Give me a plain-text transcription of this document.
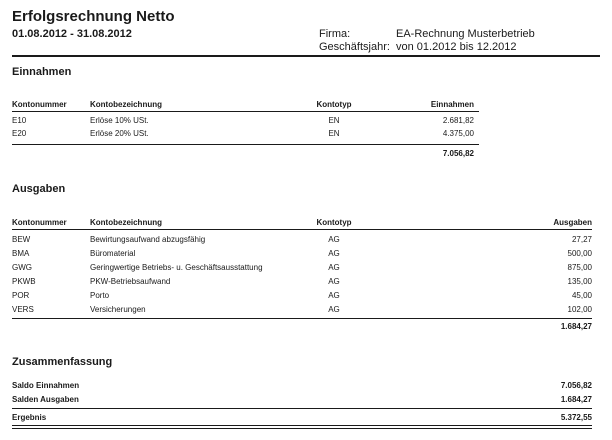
Erfolgsrechnung Netto
01.08.2012 - 31.08.2012	Firma:	EA-Rechnung Musterbetrieb
Geschäftsjahr: von 01.2012 bis 12.2012
Einnahmen
Kontonummer	Kontobezeichnung	Kontotyp	Einnahmen
E10	Erlöse 10% USt.	EN	2.681,82
E20	Erlöse 20% USt.	EN	4.375,00
7.056,82
Ausgaben
Kontonummer	Kontobezeichnung	Kontotyp	Ausgaben
BEW	Bewirtungsaufwand abzugsfähig	AG	27,27
BMA	Büromaterial	AG	500,00
GWG	Geringwertige Betriebs- u. Geschäftsausstattung	AG	875,00
PKWB	PKW-Betriebsaufwand	AG	135,00
POR	Porto	AG	45,00
VERS	Versicherungen	AG	102,00
1.684,27
Zusammenfassung
Saldo Einnahmen	7.056,82
Salden Ausgaben	1.684,27
Ergebnis	5.372,55
